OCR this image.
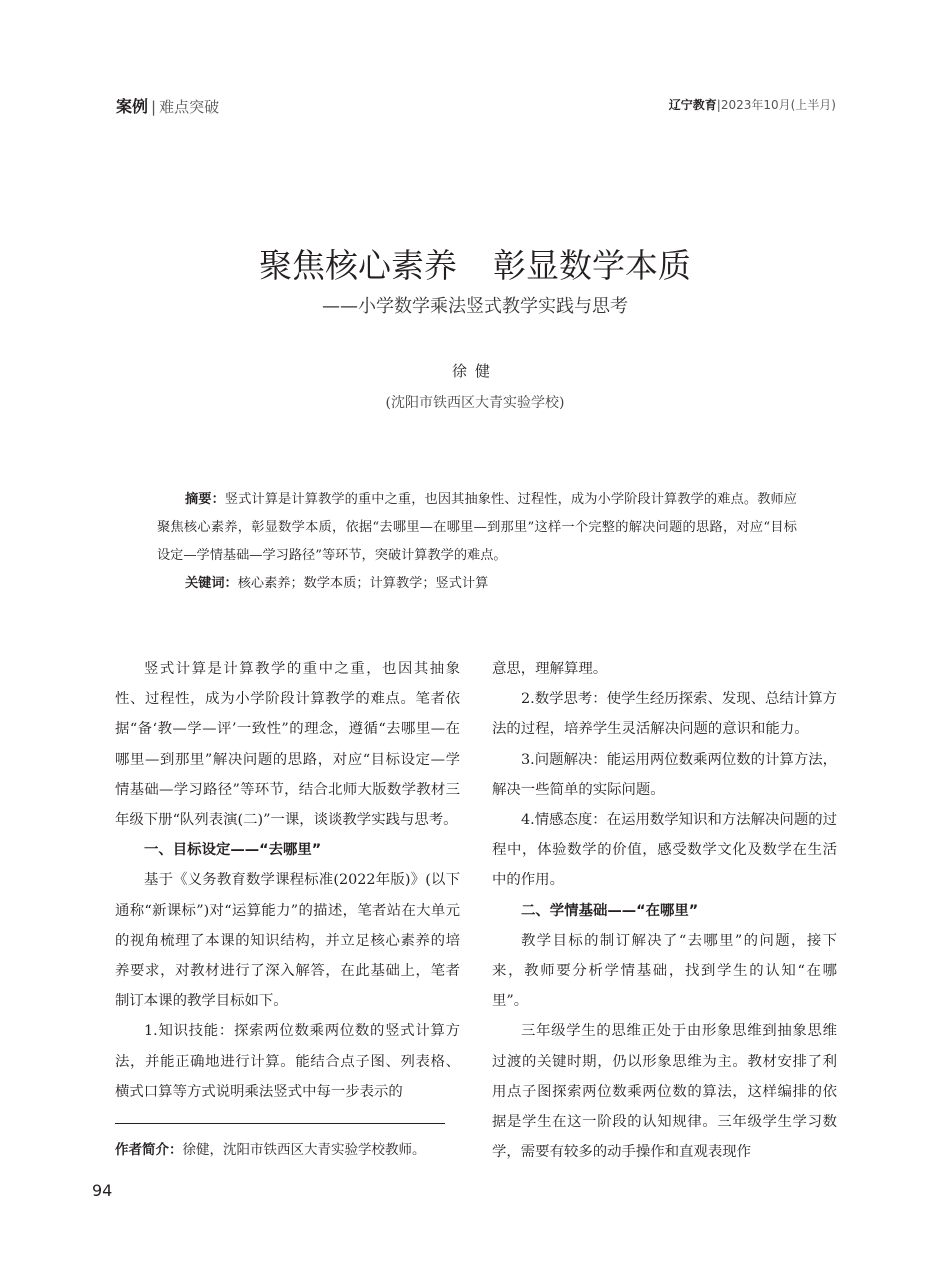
案例 | 难点突破	辽宁教育|2023年10月(上半月)
聚焦核心素养 彰显数学本质
——小学数学乘法竖式教学实践与思考
徐健
(沈阳市铁西区大青实验学校)

摘要：竖式计算是计算教学的重中之重，也因其抽象性、过程性，成为小学阶段计算教学的难点。教师应聚焦核心素养，彰显数学本质，依据“去哪里—在哪里—到那里”这样一个完整的解决问题的思路，对应“目标设定—学情基础—学习路径”等环节，突破计算教学的难点。

关键词：核心素养；数学本质；计算教学；竖式计算

竖式计算是计算教学的重中之重，也因其抽象性、过程性，成为小学阶段计算教学的难点。笔者依据“备‘教—学—评’一致性”的理念，遵循“去哪里—在哪里—到那里”解决问题的思路，对应“目标设定—学情基础—学习路径”等环节，结合北师大版数学教材三年级下册“队列表演(二)”一课，谈谈教学实践与思考。

一、目标设定——“去哪里”

基于《义务教育数学课程标准(2022年版)》(以下通称“新课标”)对“运算能力”的描述，笔者站在大单元的视角梳理了本课的知识结构，并立足核心素养的培养要求，对教材进行了深入解答，在此基础上，笔者制订本课的教学目标如下。

1.知识技能：探索两位数乘两位数的竖式计算方法，并能正确地进行计算。能结合点子图、列表格、横式口算等方式说明乘法竖式中每一步表示的

意思，理解算理。

2.数学思考：使学生经历探索、发现、总结计算方法的过程，培养学生灵活解决问题的意识和能力。

3.问题解决：能运用两位数乘两位数的计算方法，解决一些简单的实际问题。

4.情感态度：在运用数学知识和方法解决问题的过程中，体验数学的价值，感受数学文化及数学在生活中的作用。

二、学情基础——“在哪里”

教学目标的制订解决了“去哪里”的问题，接下来，教师要分析学情基础，找到学生的认知“在哪里”。

三年级学生的思维正处于由形象思维到抽象思维过渡的关键时期，仍以形象思维为主。教材安排了利用点子图探索两位数乘两位数的算法，这样编排的依据是学生在这一阶段的认知规律。三年级学生学习数学，需要有较多的动手操作和直观表现作

作者简介：徐健，沈阳市铁西区大青实验学校教师。
94
